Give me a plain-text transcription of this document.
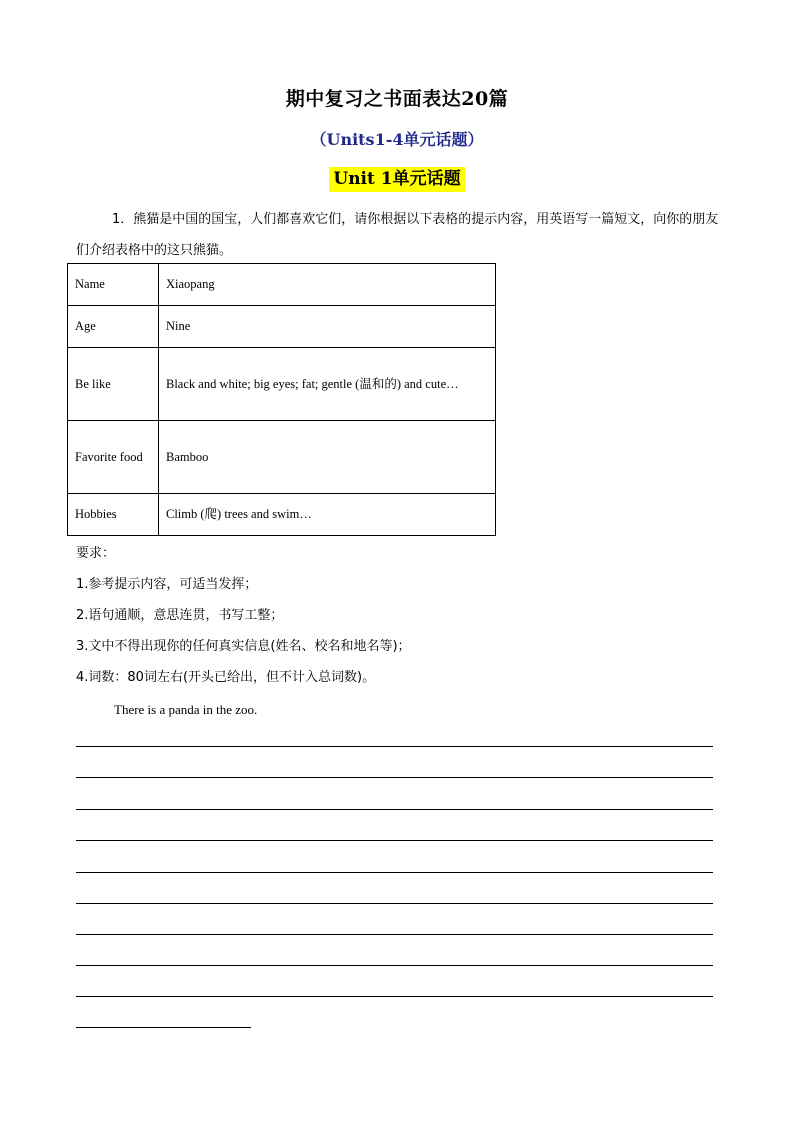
期中复习之书面表达20篇
（Units1-4单元话题）
Unit 1单元话题
1．熊猫是中国的国宝，人们都喜欢它们，请你根据以下表格的提示内容，用英语写一篇短文，向你的朋友们介绍表格中的这只熊猫。
Name	Xiaopang
Age	Nine
Be like	Black and white; big eyes; fat; gentle (温和的) and cute…
Favorite food	Bamboo
Hobbies	Climb (爬) trees and swim…
要求：
1.参考提示内容，可适当发挥；
2.语句通顺，意思连贯，书写工整；
3.文中不得出现你的任何真实信息(姓名、校名和地名等)；
4.词数：80词左右(开头已给出，但不计入总词数)。
There is a panda in the zoo.
